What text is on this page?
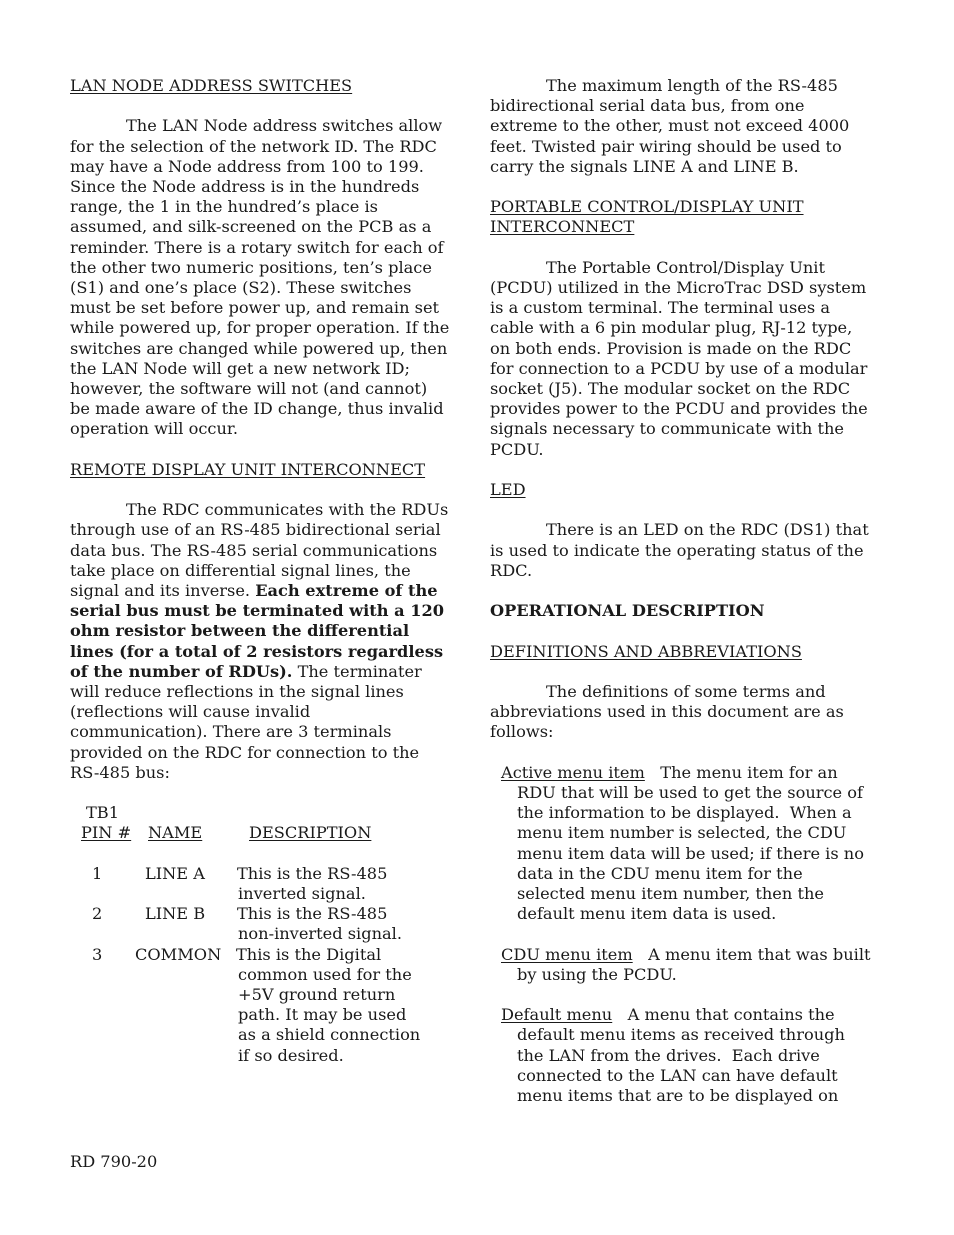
LAN NODE ADDRESS SWITCHES

The LAN Node address switches allow for the selection of the network ID. The RDC may have a Node address from 100 to 199. Since the Node address is in the hundreds range, the 1 in the hundred’s place is assumed, and silk-screened on the PCB as a reminder. There is a rotary switch for each of the other two numeric positions, ten’s place (S1) and one’s place (S2). These switches must be set before power up, and remain set while powered up, for proper operation. If the switches are changed while powered up, then the LAN Node will get a new network ID; however, the software will not (and cannot) be made aware of the ID change, thus invalid operation will occur.

REMOTE DISPLAY UNIT INTERCONNECT

The RDC communicates with the RDUs through use of an RS-485 bidirectional serial data bus. The RS-485 serial communications take place on differential signal lines, the signal and its inverse. Each extreme of the serial bus must be terminated with a 120 ohm resistor between the differential lines (for a total of 2 resistors regardless of the number of RDUs). The terminater will reduce reflections in the signal lines (reflections will cause invalid communication). There are 3 terminals provided on the RDC for connection to the RS-485 bus:

TB1
PIN # NAME	DESCRIPTION
1	LINE A This is the RS-485
inverted signal.
2	LINE B This is the RS-485
non-inverted signal.
3 COMMON This is the Digital
common used for the
+5V ground return
path. It may be used
as a shield connection
if so desired.

The maximum length of the RS-485 bidirectional serial data bus, from one extreme to the other, must not exceed 4000 feet. Twisted pair wiring should be used to carry the signals LINE A and LINE B.

PORTABLE CONTROL/DISPLAY UNIT INTERCONNECT

The Portable Control/Display Unit (PCDU) utilized in the MicroTrac DSD system is a custom terminal. The terminal uses a cable with a 6 pin modular plug, RJ-12 type, on both ends. Provision is made on the RDC for connection to a PCDU by use of a modular socket (J5). The modular socket on the RDC provides power to the PCDU and provides the signals necessary to communicate with the PCDU.

LED

There is an LED on the RDC (DS1) that is used to indicate the operating status of the RDC.

OPERATIONAL DESCRIPTION

DEFINITIONS AND ABBREVIATIONS

The definitions of some terms and abbreviations used in this document are as follows:

Active menu item   The menu item for an RDU that will be used to get the source of the information to be displayed.  When a menu item number is selected, the CDU menu item data will be used; if there is no data in the CDU menu item for the selected menu item number, then the default menu item data is used.

CDU menu item   A menu item that was built by using the PCDU.

Default menu   A menu that contains the default menu items as received through the LAN from the drives.  Each drive connected to the LAN can have default menu items that are to be displayed on

RD 790-20
